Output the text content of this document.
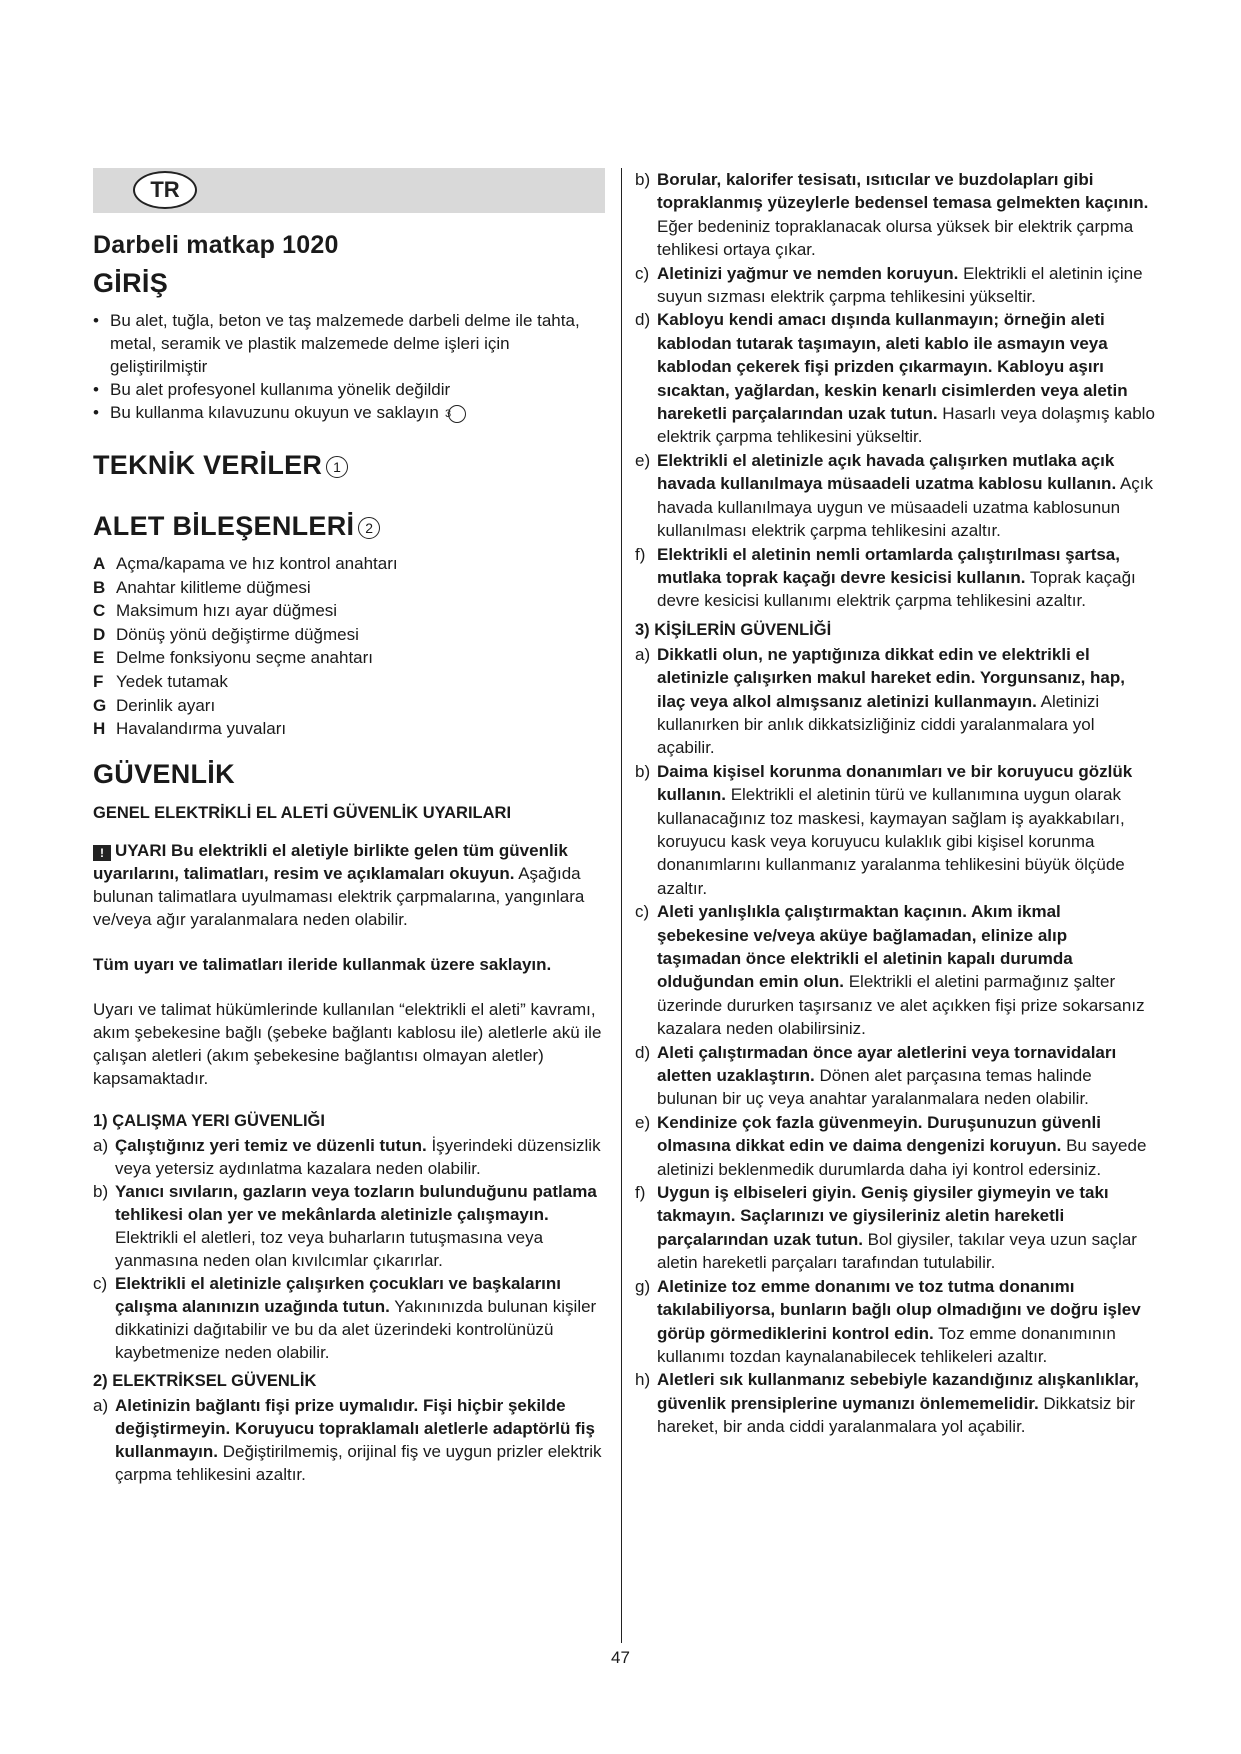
TR
Darbeli matkap 1020
GİRİŞ
• Bu alet, tuğla, beton ve taş malzemede darbeli delme ile tahta, metal, seramik ve plastik malzemede delme işleri için geliştirilmiştir
• Bu alet profesyonel kullanıma yönelik değildir
• Bu kullanma kılavuzunu okuyun ve saklayın 3
TEKNİK VERİLER 1
ALET BİLEŞENLERİ 2
A Açma/kapama ve hız kontrol anahtarı
B Anahtar kilitleme düğmesi
C Maksimum hızı ayar düğmesi
D Dönüş yönü değiştirme düğmesi
E Delme fonksiyonu seçme anahtarı
F Yedek tutamak
G Derinlik ayarı
H Havalandırma yuvaları
GÜVENLİK
GENEL ELEKTRİKLİ EL ALETİ GÜVENLİK UYARILARI

! UYARI Bu elektrikli el aletiyle birlikte gelen tüm güvenlik uyarılarını, talimatları, resim ve açıklamaları okuyun. Aşağıda bulunan talimatlara uyulmaması elektrik çarpmalarına, yangınlara ve/veya ağır yaralanmalara neden olabilir.

Tüm uyarı ve talimatları ileride kullanmak üzere saklayın.

Uyarı ve talimat hükümlerinde kullanılan “elektrikli el aleti” kavramı, akım şebekesine bağlı (şebeke bağlantı kablosu ile) aletlerle akü ile çalışan aletleri (akım şebekesine bağlantısı olmayan aletler) kapsamaktadır.

1) ÇALIŞMA YERI GÜVENLIĞI

a) Çalıştığınız yeri temiz ve düzenli tutun. İşyerindeki düzensizlik veya yetersiz aydınlatma kazalara neden olabilir.

b) Yanıcı sıvıların, gazların veya tozların bulunduğunu patlama tehlikesi olan yer ve mekânlarda aletinizle çalışmayın. Elektrikli el aletleri, toz veya buharların tutuşmasına veya yanmasına neden olan kıvılcımlar çıkarırlar.

c) Elektrikli el aletinizle çalışırken çocukları ve başkalarını çalışma alanınızın uzağında tutun. Yakınınızda bulunan kişiler dikkatinizi dağıtabilir ve bu da alet üzerindeki kontrolünüzü kaybetmenize neden olabilir.

2) ELEKTRİKSEL GÜVENLİK

a) Aletinizin bağlantı fişi prize uymalıdır. Fişi hiçbir şekilde değiştirmeyin. Koruyucu topraklamalı aletlerle adaptörlü fiş kullanmayın. Değiştirilmemiş, orijinal fiş ve uygun prizler elektrik çarpma tehlikesini azaltır.

b) Borular, kalorifer tesisatı, ısıtıcılar ve buzdolapları gibi topraklanmış yüzeylerle bedensel temasa gelmekten kaçının. Eğer bedeniniz topraklanacak olursa yüksek bir elektrik çarpma tehlikesi ortaya çıkar.

c) Aletinizi yağmur ve nemden koruyun. Elektrikli el aletinin içine suyun sızması elektrik çarpma tehlikesini yükseltir.

d) Kabloyu kendi amacı dışında kullanmayın; örneğin aleti kablodan tutarak taşımayın, aleti kablo ile asmayın veya kablodan çekerek fişi prizden çıkarmayın. Kabloyu aşırı sıcaktan, yağlardan, keskin kenarlı cisimlerden veya aletin hareketli parçalarından uzak tutun. Hasarlı veya dolaşmış kablo elektrik çarpma tehlikesini yükseltir.

e) Elektrikli el aletinizle açık havada çalışırken mutlaka açık havada kullanılmaya müsaadeli uzatma kablosu kullanın. Açık havada kullanılmaya uygun ve müsaadeli uzatma kablosunun kullanılması elektrik çarpma tehlikesini azaltır.

f) Elektrikli el aletinin nemli ortamlarda çalıştırılması şartsa, mutlaka toprak kaçağı devre kesicisi kullanın. Toprak kaçağı devre kesicisi kullanımı elektrik çarpma tehlikesini azaltır.

3) KİŞİLERİN GÜVENLİĞİ

a) Dikkatli olun, ne yaptığınıza dikkat edin ve elektrikli el aletinizle çalışırken makul hareket edin. Yorgunsanız, hap, ilaç veya alkol almışsanız aletinizi kullanmayın. Aletinizi kullanırken bir anlık dikkatsizliğiniz ciddi yaralanmalara yol açabilir.

b) Daima kişisel korunma donanımları ve bir koruyucu gözlük kullanın. Elektrikli el aletinin türü ve kullanımına uygun olarak kullanacağınız toz maskesi, kaymayan sağlam iş ayakkabıları, koruyucu kask veya koruyucu kulaklık gibi kişisel korunma donanımlarını kullanmanız yaralanma tehlikesini büyük ölçüde azaltır.

c) Aleti yanlışlıkla çalıştırmaktan kaçının. Akım ikmal şebekesine ve/veya aküye bağlamadan, elinize alıp taşımadan önce elektrikli el aletinin kapalı durumda olduğundan emin olun. Elektrikli el aletini parmağınız şalter üzerinde dururken taşırsanız ve alet açıkken fişi prize sokarsanız kazalara neden olabilirsiniz.

d) Aleti çalıştırmadan önce ayar aletlerini veya tornavidaları aletten uzaklaştırın. Dönen alet parçasına temas halinde bulunan bir uç veya anahtar yaralanmalara neden olabilir.

e) Kendinize çok fazla güvenmeyin. Duruşunuzun güvenli olmasına dikkat edin ve daima dengenizi koruyun. Bu sayede aletinizi beklenmedik durumlarda daha iyi kontrol edersiniz.

f) Uygun iş elbiseleri giyin. Geniş giysiler giymeyin ve takı takmayın. Saçlarınızı ve giysileriniz aletin hareketli parçalarından uzak tutun. Bol giysiler, takılar veya uzun saçlar aletin hareketli parçaları tarafından tutulabilir.

g) Aletinize toz emme donanımı ve toz tutma donanımı takılabiliyorsa, bunların bağlı olup olmadığını ve doğru işlev görüp görmediklerini kontrol edin. Toz emme donanımının kullanımı tozdan kaynalanabilecek tehlikeleri azaltır.

h) Aletleri sık kullanmanız sebebiyle kazandığınız alışkanlıklar, güvenlik prensiplerine uymanızı önlememelidir. Dikkatsiz bir hareket, bir anda ciddi yaralanmalara yol açabilir.

47
